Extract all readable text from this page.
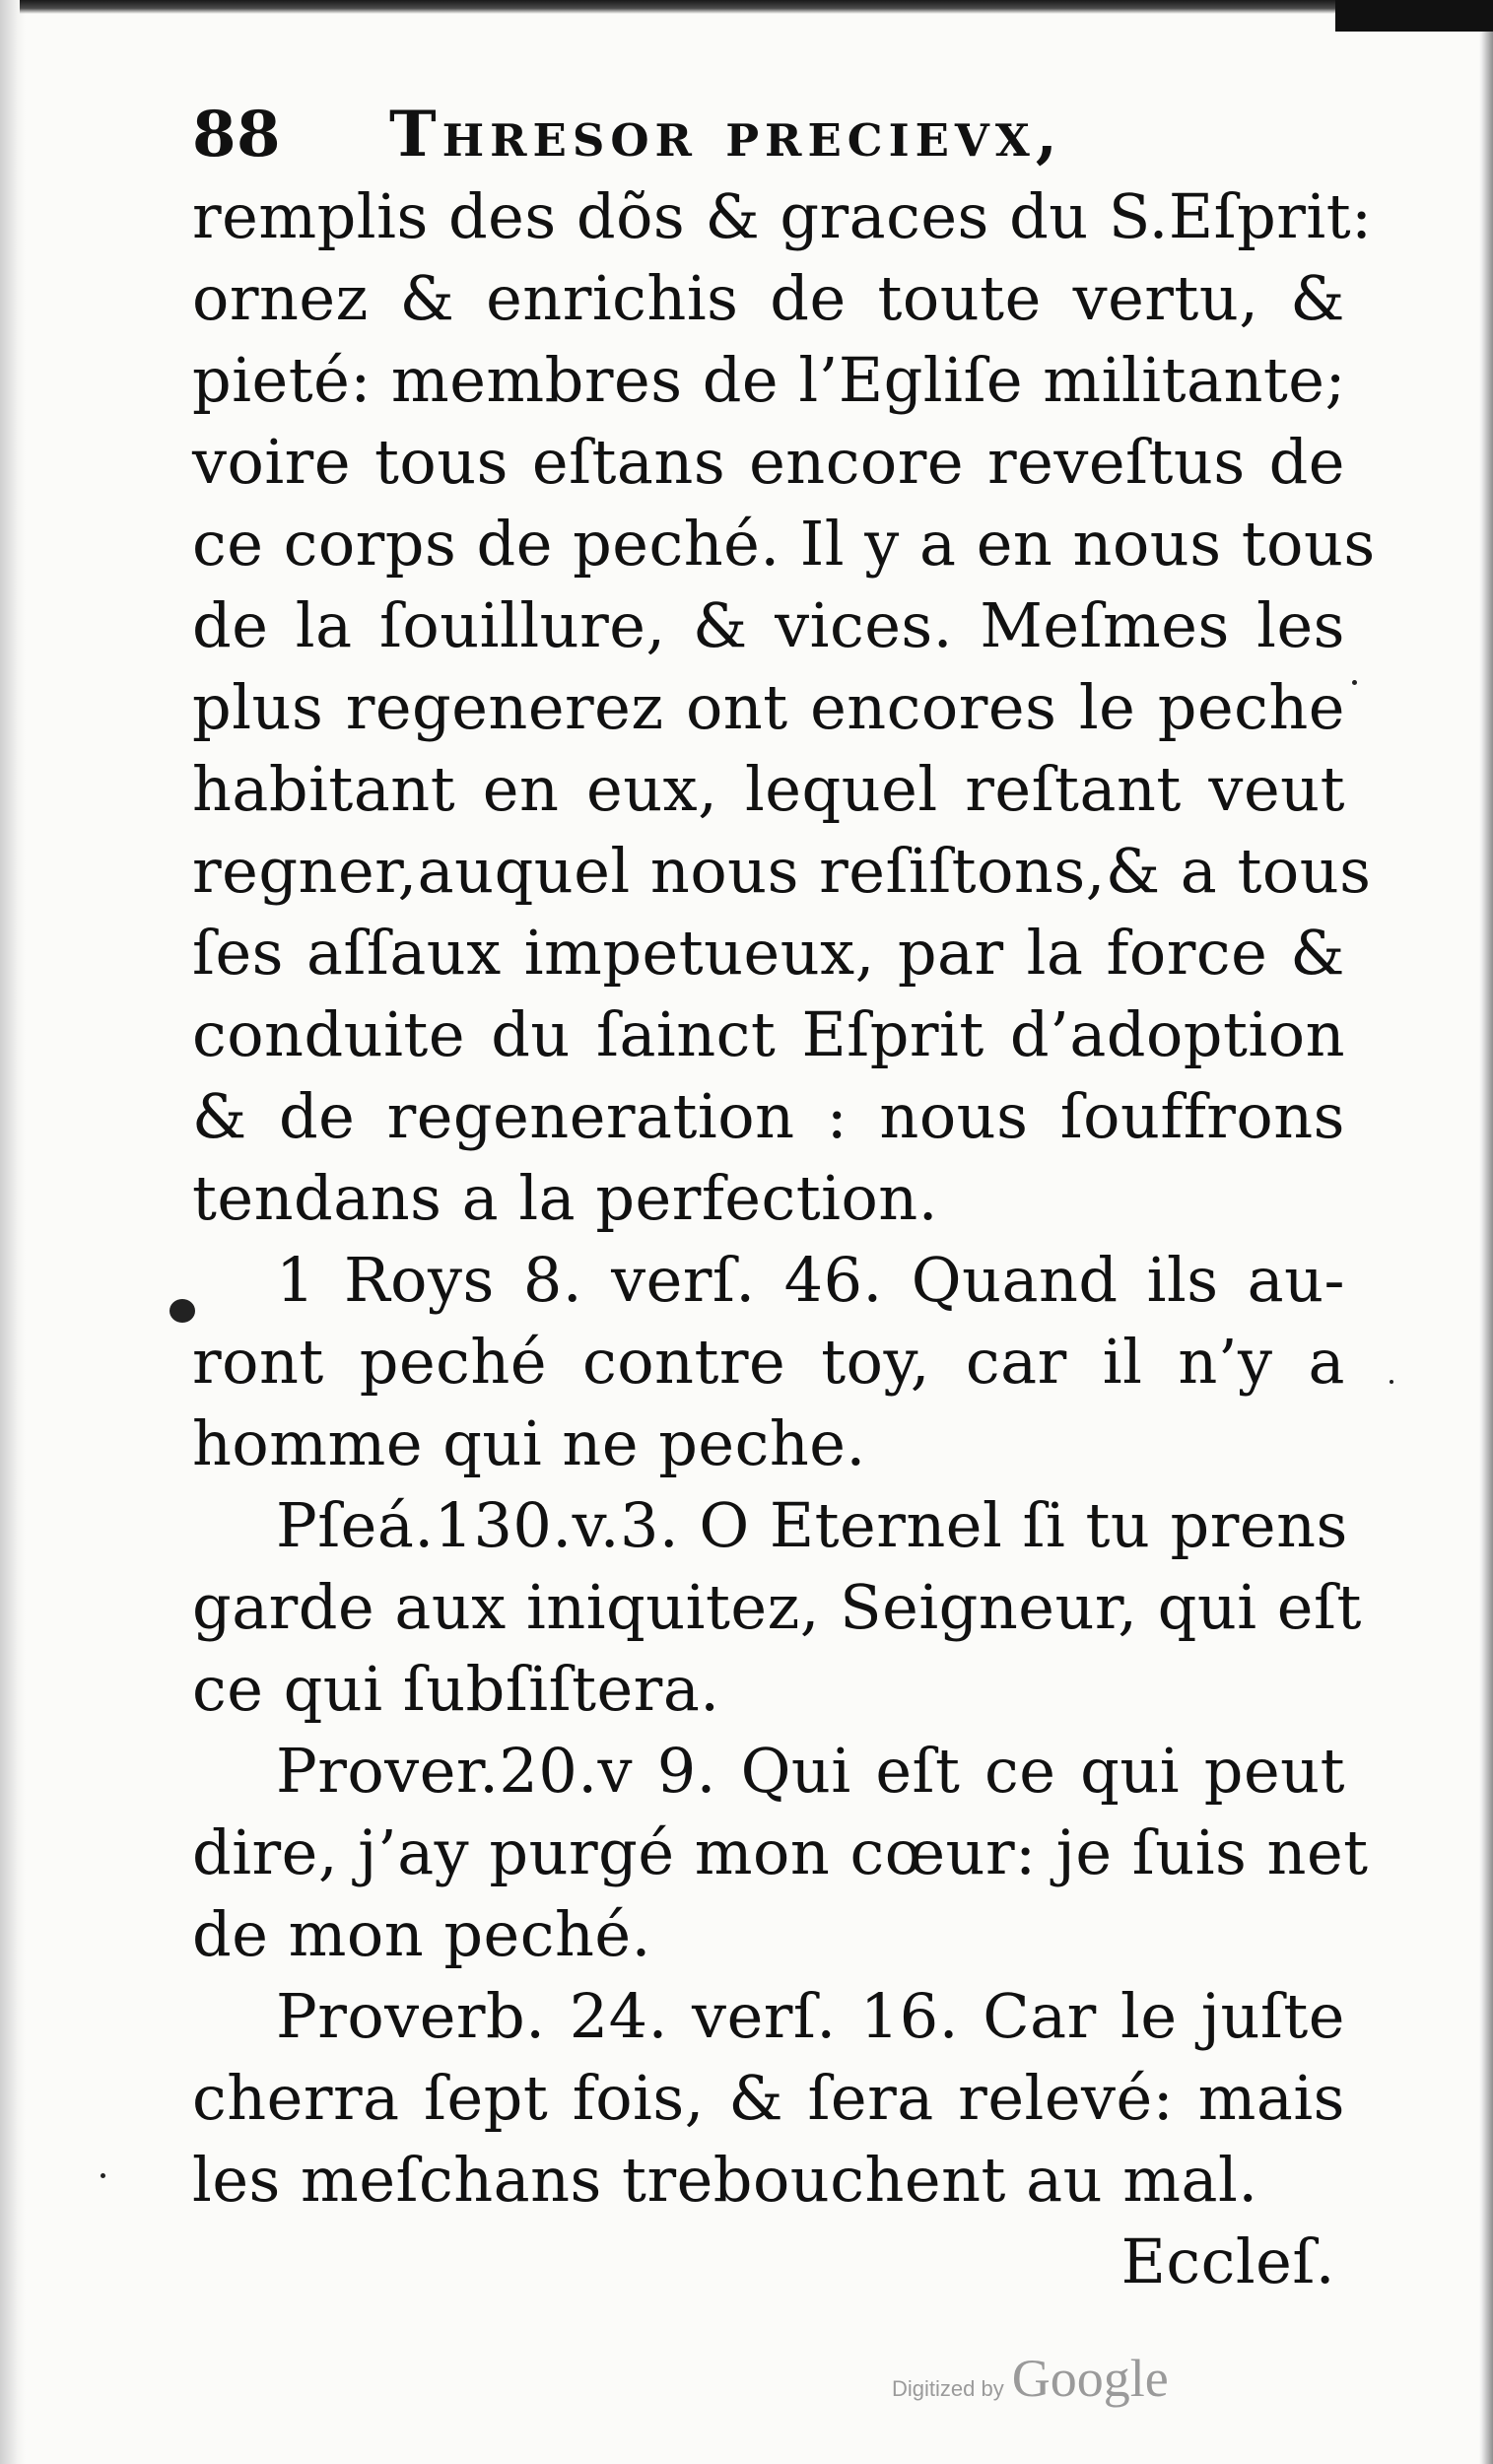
88	Thresor precievx,
remplis des dõs & graces du S.Eſprit:
ornez & enrichis de toute vertu, &
pieté: membres de l’Egliſe militante;
voire tous eſtans encore reveſtus de
ce corps de peché. Il y a en nous tous
de la ſouillure, & vices. Meſmes les
plus regenerez ont encores le peche
habitant en eux, lequel reſtant veut
regner,auquel nous reſiſtons,& a tous
ſes aſſaux impetueux, par la force &
conduite du ſainct Eſprit d’adoption
& de regeneration : nous ſouffrons
tendans a la perfection.
1 Roys 8. verſ. 46. Quand ils au-
ront peché contre toy, car il n’y a
homme qui ne peche.
Pſeá.130.v.3. O Eternel ſi tu prens
garde aux iniquitez, Seigneur, qui eſt
ce qui ſubſiſtera.
Prover.20.v 9. Qui eſt ce qui peut
dire, j’ay purgé mon cœur: je ſuis net
de mon peché.
Proverb. 24. verſ. 16. Car le juſte
cherra ſept fois, & ſera relevé: mais
les meſchans trebouchent au mal.
Eccleſ.
Digitized by Google
